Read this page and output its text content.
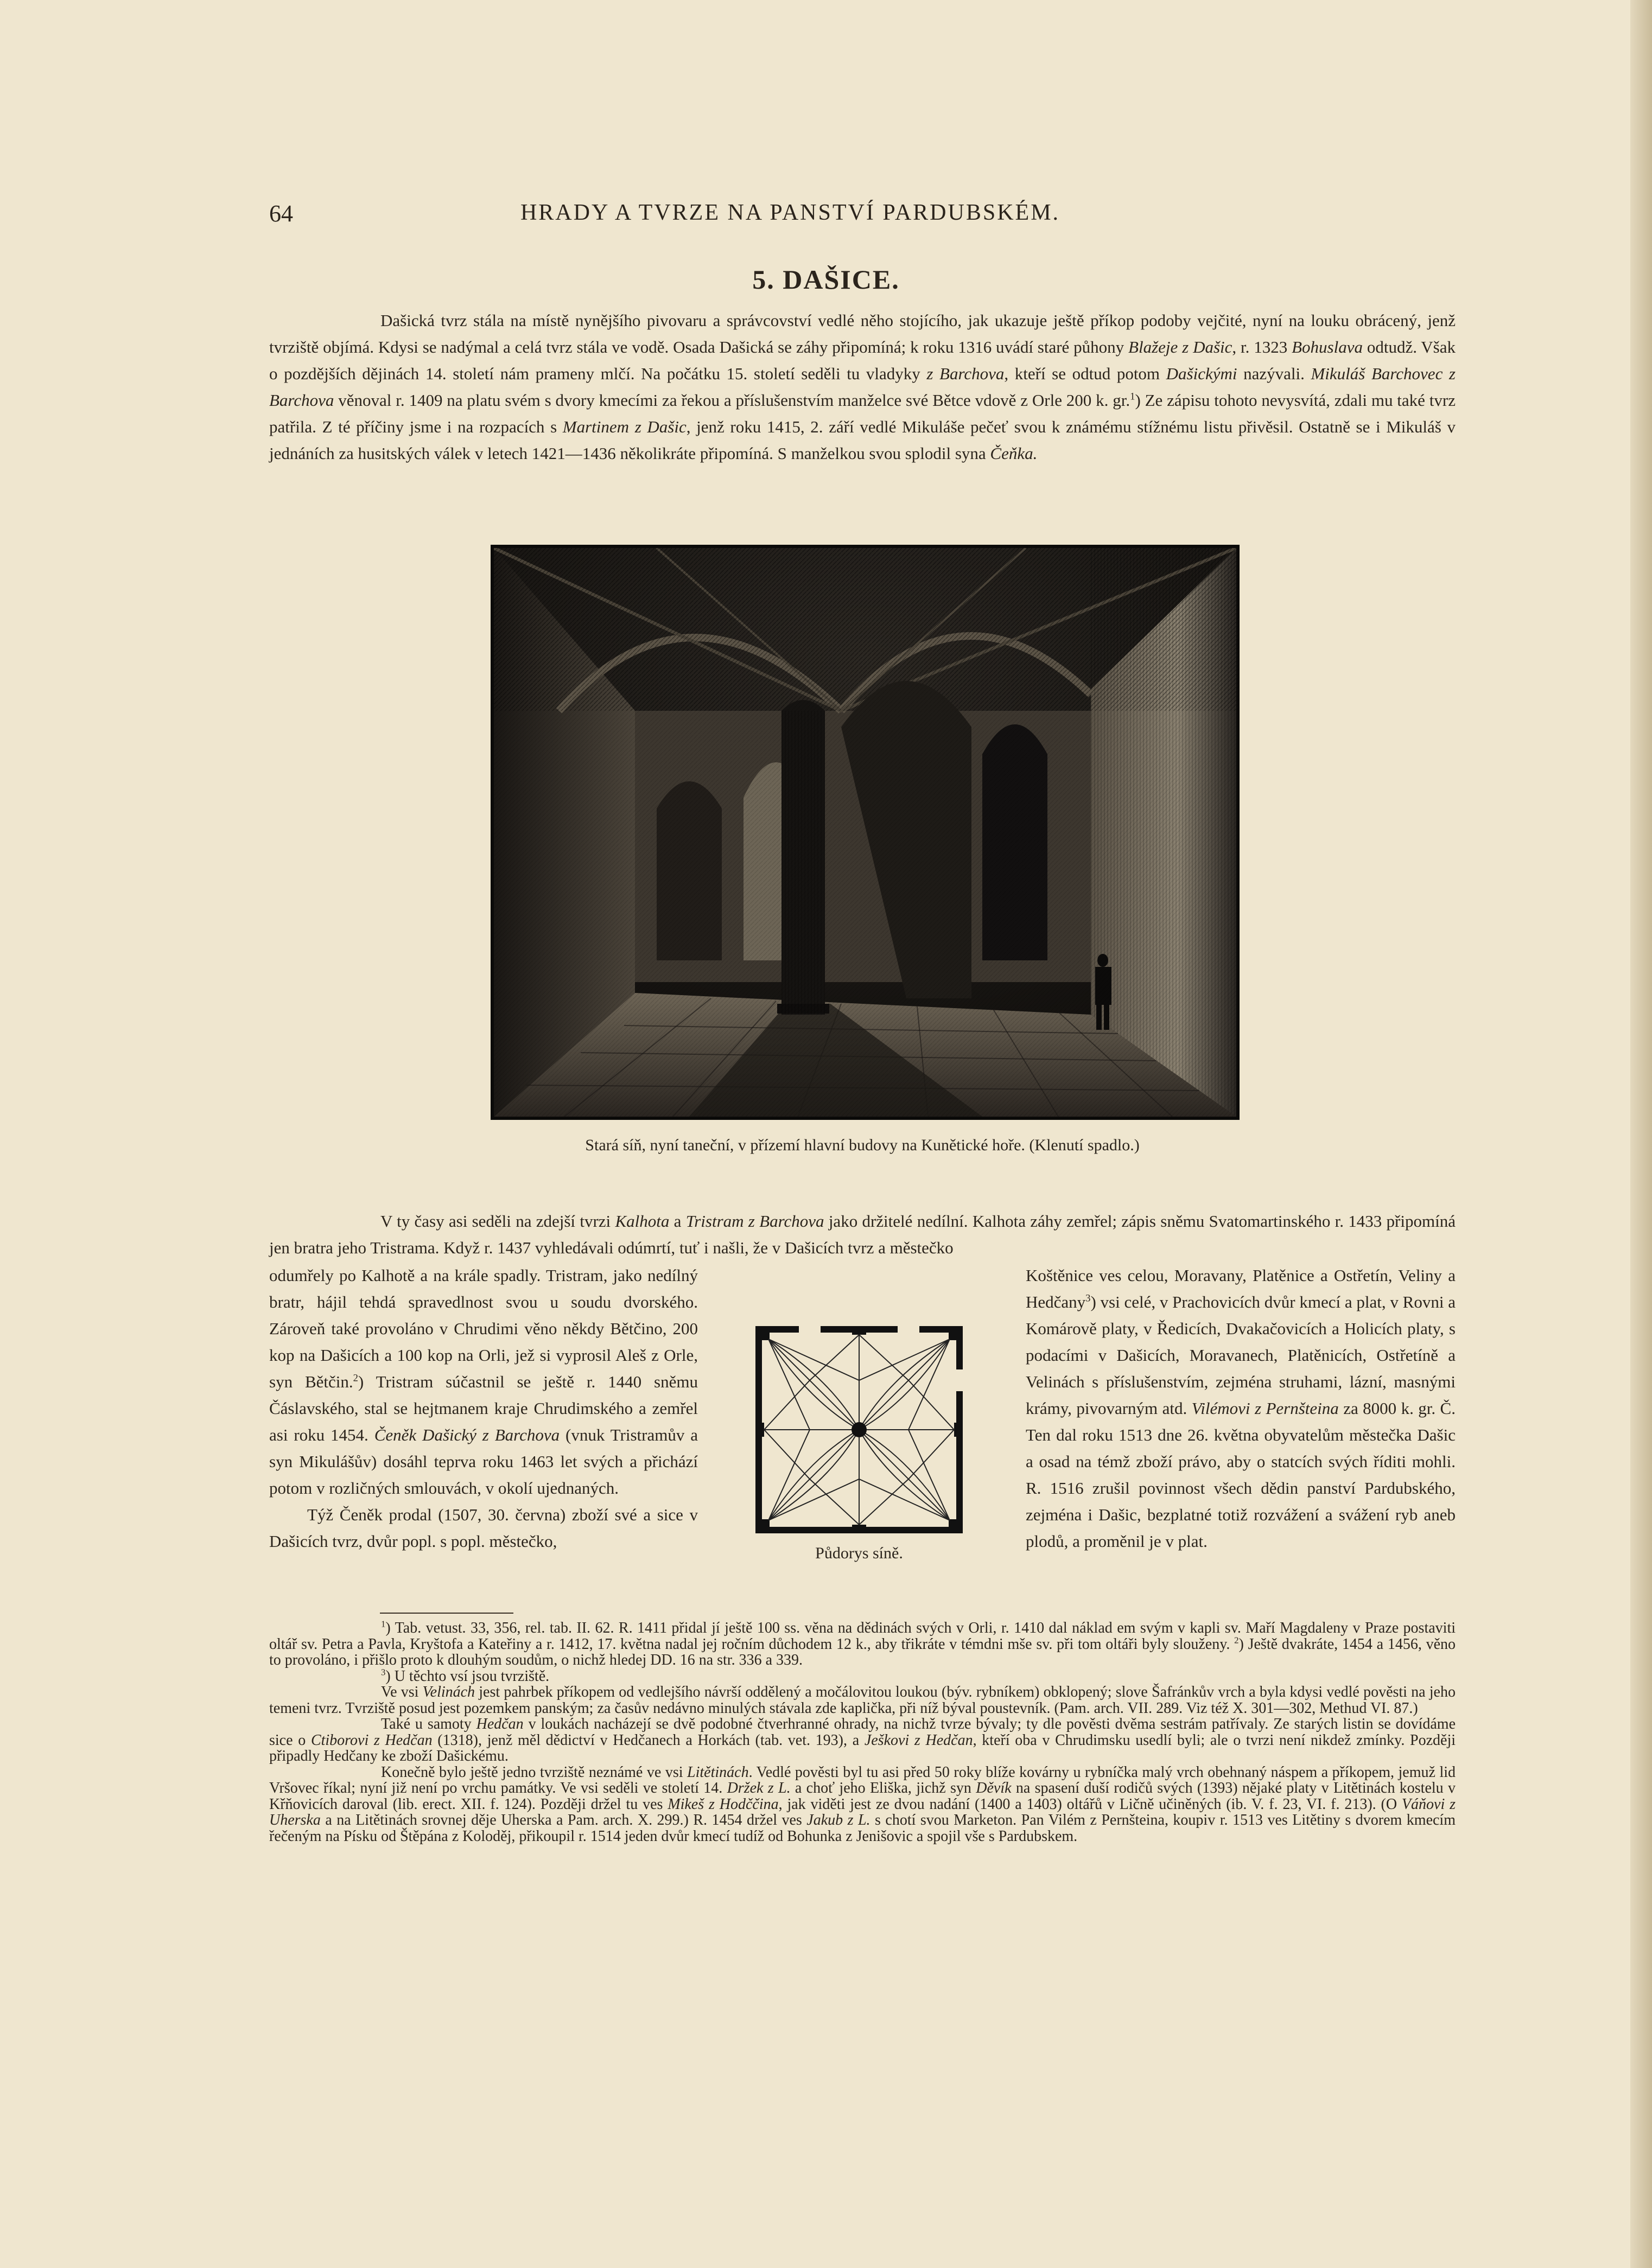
64	HRADY A TVRZE NA PANSTVÍ PARDUBSKÉM.
5. DAŠICE.

Dašická tvrz stála na místě nynějšího pivovaru a správcovství vedlé něho stojícího, jak ukazuje ještě příkop podoby vejčité, nyní na louku obrácený, jenž tvrziště objímá. Kdysi se nadýmal a celá tvrz stála ve vodě. Osada Dašická se záhy připomíná; k roku 1316 uvádí staré půhony Blažeje z Dašic, r. 1323 Bohuslava odtudž. Však o pozdějších dějinách 14. století nám prameny mlčí. Na počátku 15. století seděli tu vladyky z Barchova, kteří se odtud potom Dašickými nazývali. Mikuláš Barchovec z Barchova věnoval r. 1409 na platu svém s dvory kmecími za řekou a příslušenstvím manželce své Bětce vdově z Orle 200 k. gr.$^1$) Ze zápisu tohoto nevysvítá, zdali mu také tvrz patřila. Z té příčiny jsme i na rozpacích s Martinem z Dašic, jenž roku 1415, 2. září vedlé Mikuláše pečeť svou k známému stížnému listu přivěsil. Ostatně se i Mikuláš v jednáních za husitských válek v letech 1421—1436 několikráte připomíná. S manželkou svou splodil syna Čeňka.

Stará síň, nyní taneční, v přízemí hlavní budovy na Kunětické hoře. (Klenutí spadlo.)

V ty časy asi seděli na zdejší tvrzi Kalhota a Tristram z Barchova jako držitelé nedílní. Kalhota záhy zemřel; zápis sněmu Svatomartinského r. 1433 připomíná jen bratra jeho Tristrama. Když r. 1437 vyhledávali odúmrtí, tuť i našli, že v Dašicích tvrz a městečko

odumřely po Kalhotě a na krále spadly. Tristram, jako nedílný bratr, hájil tehdá spravedlnost svou u soudu dvorského. Zároveň také provoláno v Chrudimi věno někdy Bětčino, 200 kop na Dašicích a 100 kop na Orli, jež si vyprosil Aleš z Orle, syn Bětčin.$^2$) Tristram súčastnil se ještě r. 1440 sněmu Čáslavského, stal se hejtmanem kraje Chrudimského a zemřel asi roku 1454. Čeněk Dašický z Barchova (vnuk Tristramův a syn Mikulášův) dosáhl teprva roku 1463 let svých a přichází potom v rozličných smlouvách, v okolí ujednaných.

Týž Čeněk prodal (1507, 30. června) zboží své a sice v Dašicích tvrz, dvůr popl. s popl. městečko,

Půdorys síně.

Koštěnice ves celou, Moravany, Platěnice a Ostřetín, Veliny a Hedčany$^3$) vsi celé, v Prachovicích dvůr kmecí a plat, v Rovni a Komárově platy, v Ředicích, Dvakačovicích a Holicích platy, s podacími v Dašicích, Moravanech, Platěnicích, Ostřetíně a Velinách s příslušenstvím, zejména struhami, lázní, masnými krámy, pivovarným atd. Vilémovi z Pernšteina za 8000 k. gr. Č. Ten dal roku 1513 dne 26. května obyvatelům městečka Dašic a osad na témž zboží právo, aby o statcích svých říditi mohli. R. 1516 zrušil povinnost všech dědin panství Pardubského, zejména i Dašic, bezplatné totiž rozvážení a svážení ryb aneb plodů, a proměnil je v plat.

$^1$) Tab. vetust. 33, 356, rel. tab. II. 62. R. 1411 přidal jí ještě 100 ss. věna na dědinách svých v Orli, r. 1410 dal náklad em svým v kapli sv. Maří Magdaleny v Praze postaviti oltář sv. Petra a Pavla, Kryštofa a Kateřiny a r. 1412, 17. května nadal jej ročním důchodem 12 k., aby třikráte v témdni mše sv. při tom oltáři byly slouženy. $^2$) Ještě dvakráte, 1454 a 1456, věno to provoláno, i přišlo proto k dlouhým soudům, o nichž hledej DD. 16 na str. 336 a 339.

$^3$) U těchto vsí jsou tvrziště.

Ve vsi Velinách jest pahrbek příkopem od vedlejšího návrší oddělený a močálovitou loukou (býv. rybníkem) obklopený; slove Šafránkův vrch a byla kdysi vedlé pověsti na jeho temeni tvrz. Tvrziště posud jest pozemkem panským; za časův nedávno minulých stávala zde kaplička, při níž býval poustevník. (Pam. arch. VII. 289. Viz též X. 301—302, Methud VI. 87.)

Také u samoty Hedčan v loukách nacházejí se dvě podobné čtverhranné ohrady, na nichž tvrze bývaly; ty dle pověsti dvěma sestrám patřívaly. Ze starých listin se dovídáme sice o Ctiborovi z Hedčan (1318), jenž měl dědictví v Hedčanech a Horkách (tab. vet. 193), a Ješkovi z Hedčan, kteří oba v Chrudimsku usedlí byli; ale o tvrzi není nikdež zmínky. Později připadly Hedčany ke zboží Dašickému.

Konečně bylo ještě jedno tvrziště neznámé ve vsi Litětinách. Vedlé pověsti byl tu asi před 50 roky blíže kovárny u rybníčka malý vrch obehnaný náspem a příkopem, jemuž lid Vršovec říkal; nyní již není po vrchu památky. Ve vsi seděli ve století 14. Držek z L. a choť jeho Eliška, jichž syn Děvík na spasení duší rodičů svých (1393) nějaké platy v Litětinách kostelu v Křňovicích daroval (lib. erect. XII. f. 124). Později držel tu ves Mikeš z Hodččina, jak viděti jest ze dvou nadání (1400 a 1403) oltářů v Ličně učiněných (ib. V. f. 23, VI. f. 213). (O Váňovi z Uherska a na Litětinách srovnej děje Uherska a Pam. arch. X. 299.) R. 1454 držel ves Jakub z L. s chotí svou Marketon. Pan Vilém z Pernšteina, koupiv r. 1513 ves Litětiny s dvorem kmecím řečeným na Písku od Štěpána z Koloděj, přikoupil r. 1514 jeden dvůr kmecí tudíž od Bohunka z Jenišovic a spojil vše s Pardubskem.
